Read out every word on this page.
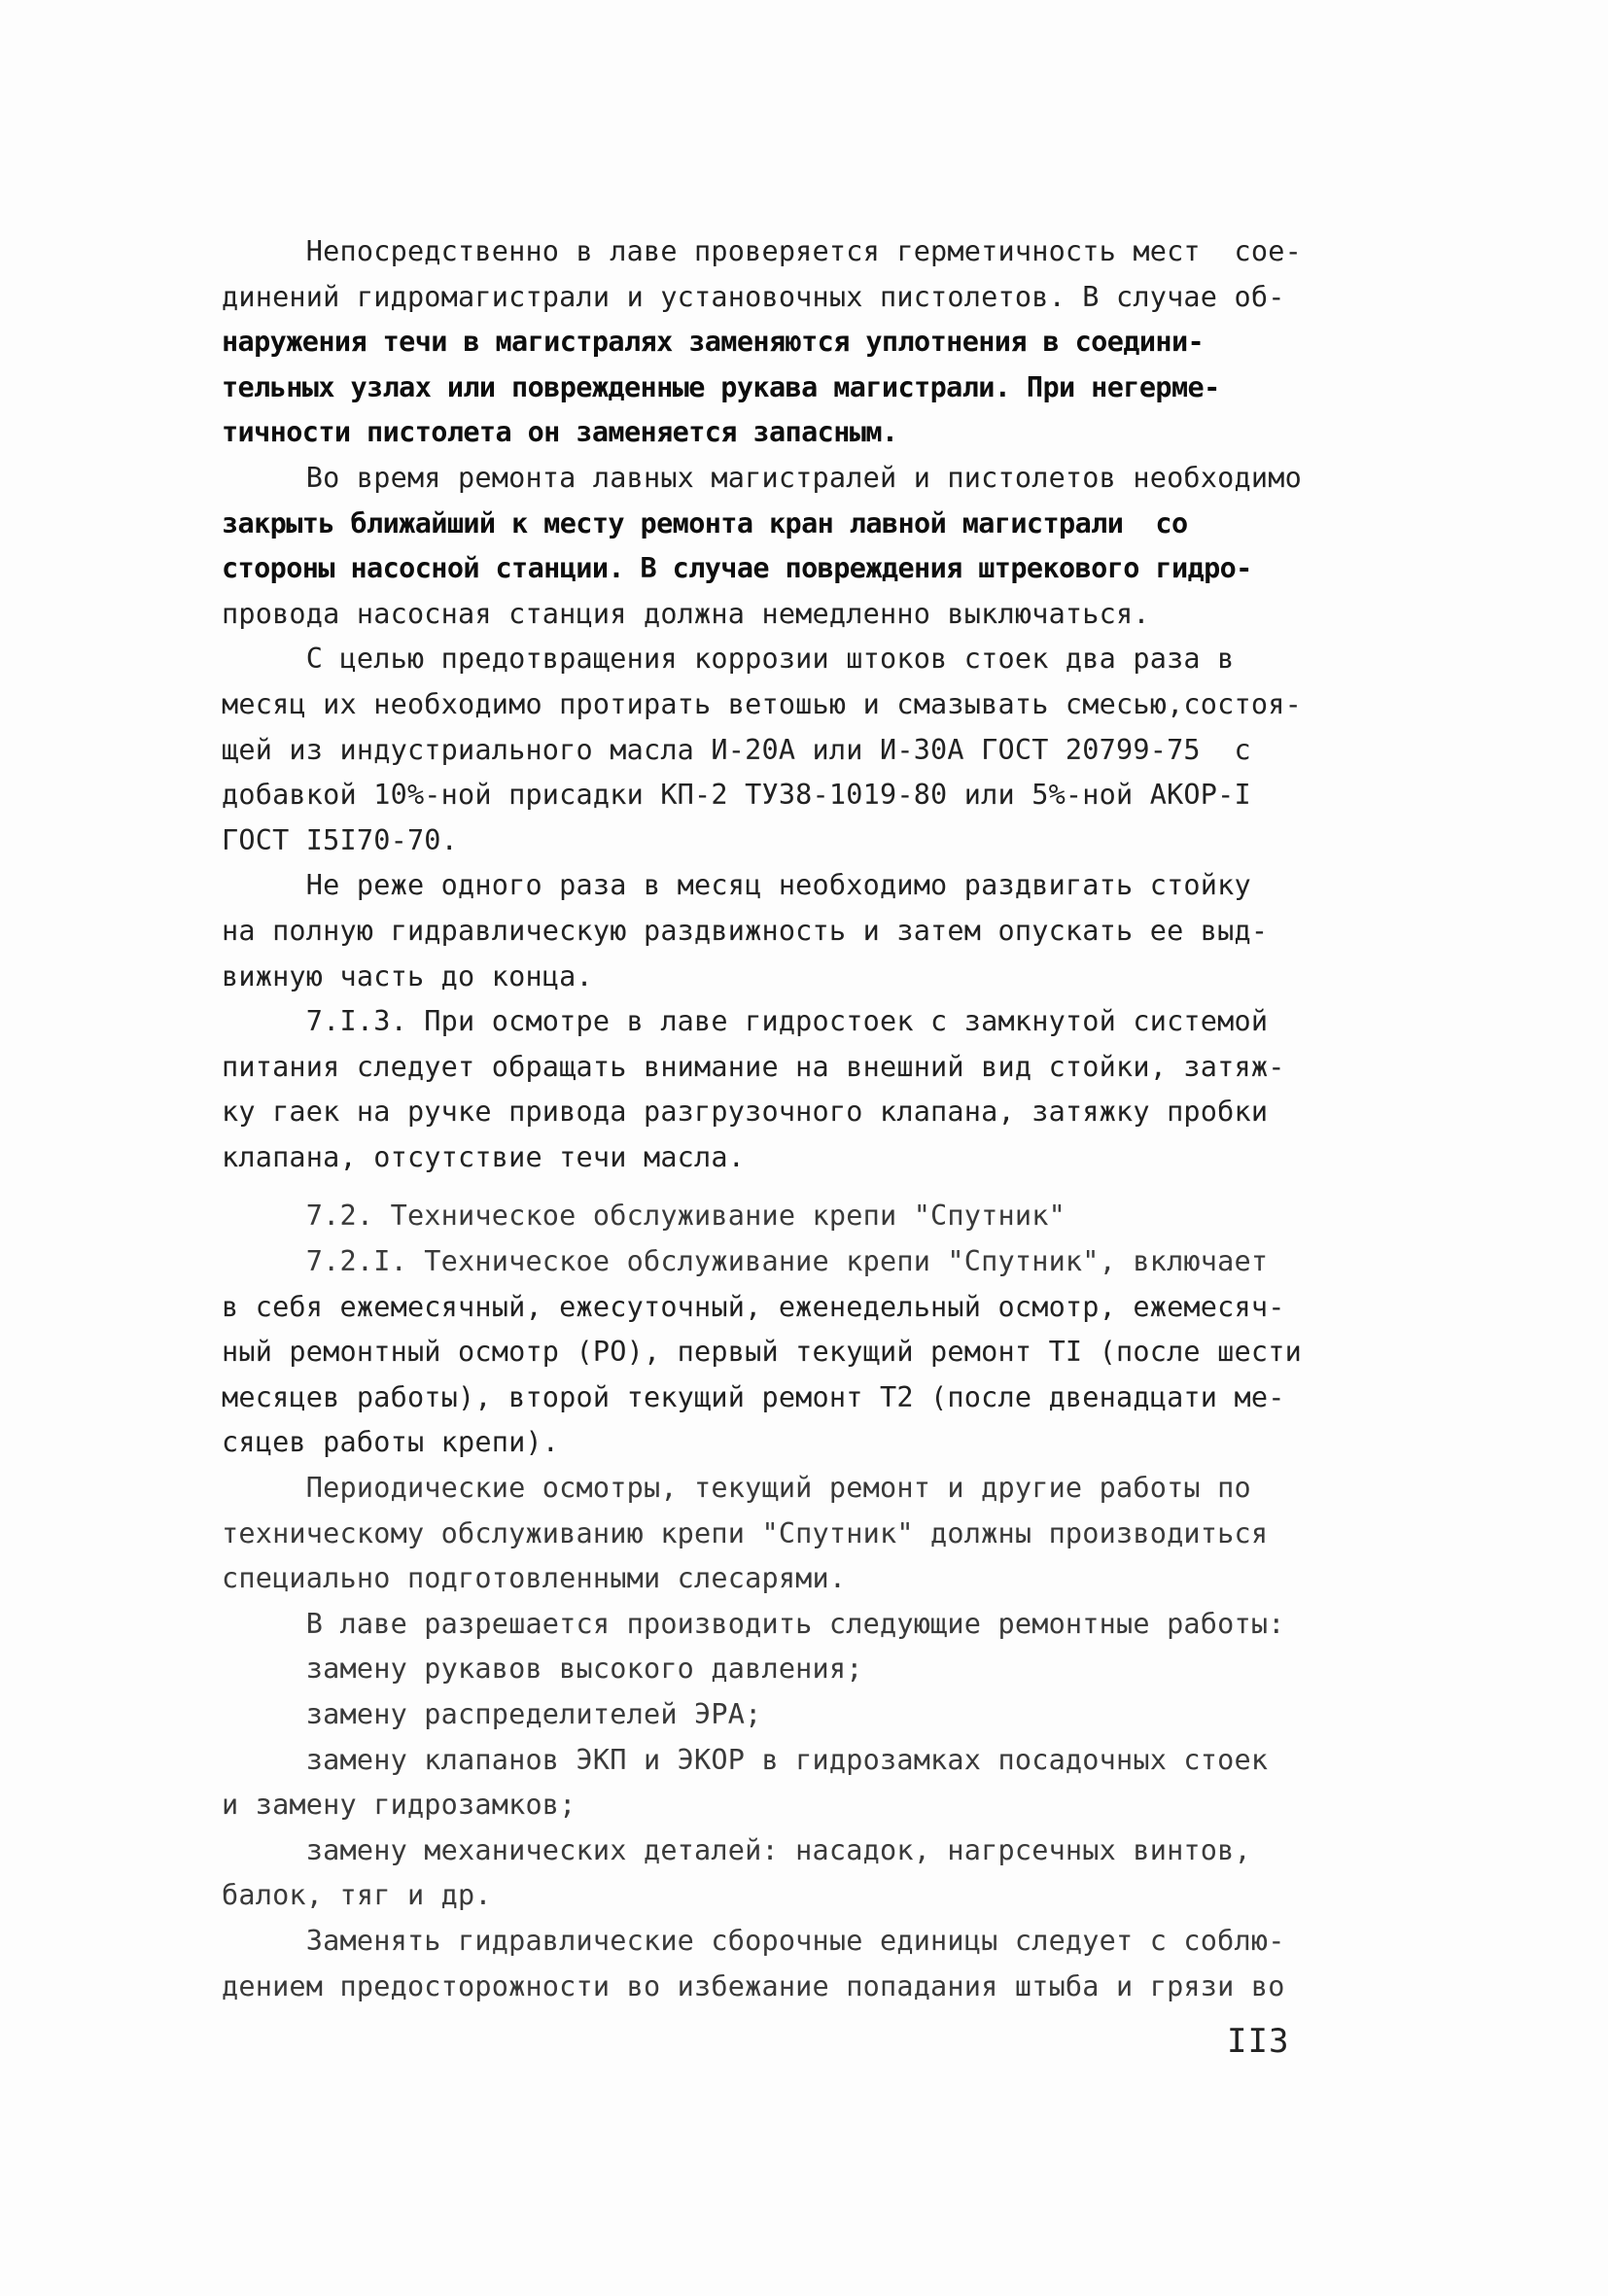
Непосредственно в лаве проверяется герметичность мест  сое-
динений гидромагистрали и установочных пистолетов. В случае об-
наружения течи в магистралях заменяются уплотнения в соедини-
тельных узлах или поврежденные рукава магистрали. При негерме-
тичности пистолета он заменяется запасным.
Во время ремонта лавных магистралей и пистолетов необходимо
закрыть ближайший к месту ремонта кран лавной магистрали  со
стороны насосной станции. В случае повреждения штрекового гидро-
провода насосная станция должна немедленно выключаться.
С целью предотвращения коррозии штоков стоек два раза в
месяц их необходимо протирать ветошью и смазывать смесью,состоя-
щей из индустриального масла И-20А или И-30А ГОСТ 20799-75  с
добавкой 10%-ной присадки КП-2 ТУ38-1019-80 или 5%-ной АКОР-I
ГОСТ I5I70-70.
Не реже одного раза в месяц необходимо раздвигать стойку
на полную гидравлическую раздвижность и затем опускать ее выд-
вижную часть до конца.
7.I.3. При осмотре в лаве гидростоек с замкнутой системой
питания следует обращать внимание на внешний вид стойки, затяж-
ку гаек на ручке привода разгрузочного клапана, затяжку пробки
клапана, отсутствие течи масла.
7.2. Техническое обслуживание крепи "Спутник"
7.2.I. Техническое обслуживание крепи "Спутник", включает
в себя ежемесячный, ежесуточный, еженедельный осмотр, ежемесяч-
ный ремонтный осмотр (РО), первый текущий ремонт ТI (после шести
месяцев работы), второй текущий ремонт Т2 (после двенадцати ме-
сяцев работы крепи).
Периодические осмотры, текущий ремонт и другие работы по
техническому обслуживанию крепи "Спутник" должны производиться
специально подготовленными слесарями.
В лаве разрешается производить следующие ремонтные работы:
замену рукавов высокого давления;
замену распределителей ЭРА;
замену клапанов ЭКП и ЭКОР в гидрозамках посадочных стоек
и замену гидрозамков;
замену механических деталей: насадок, нагрсечных винтов,
балок, тяг и др.
Заменять гидравлические сборочные единицы следует с соблю-
дением предосторожности во избежание попадания штыба и грязи во
II3
